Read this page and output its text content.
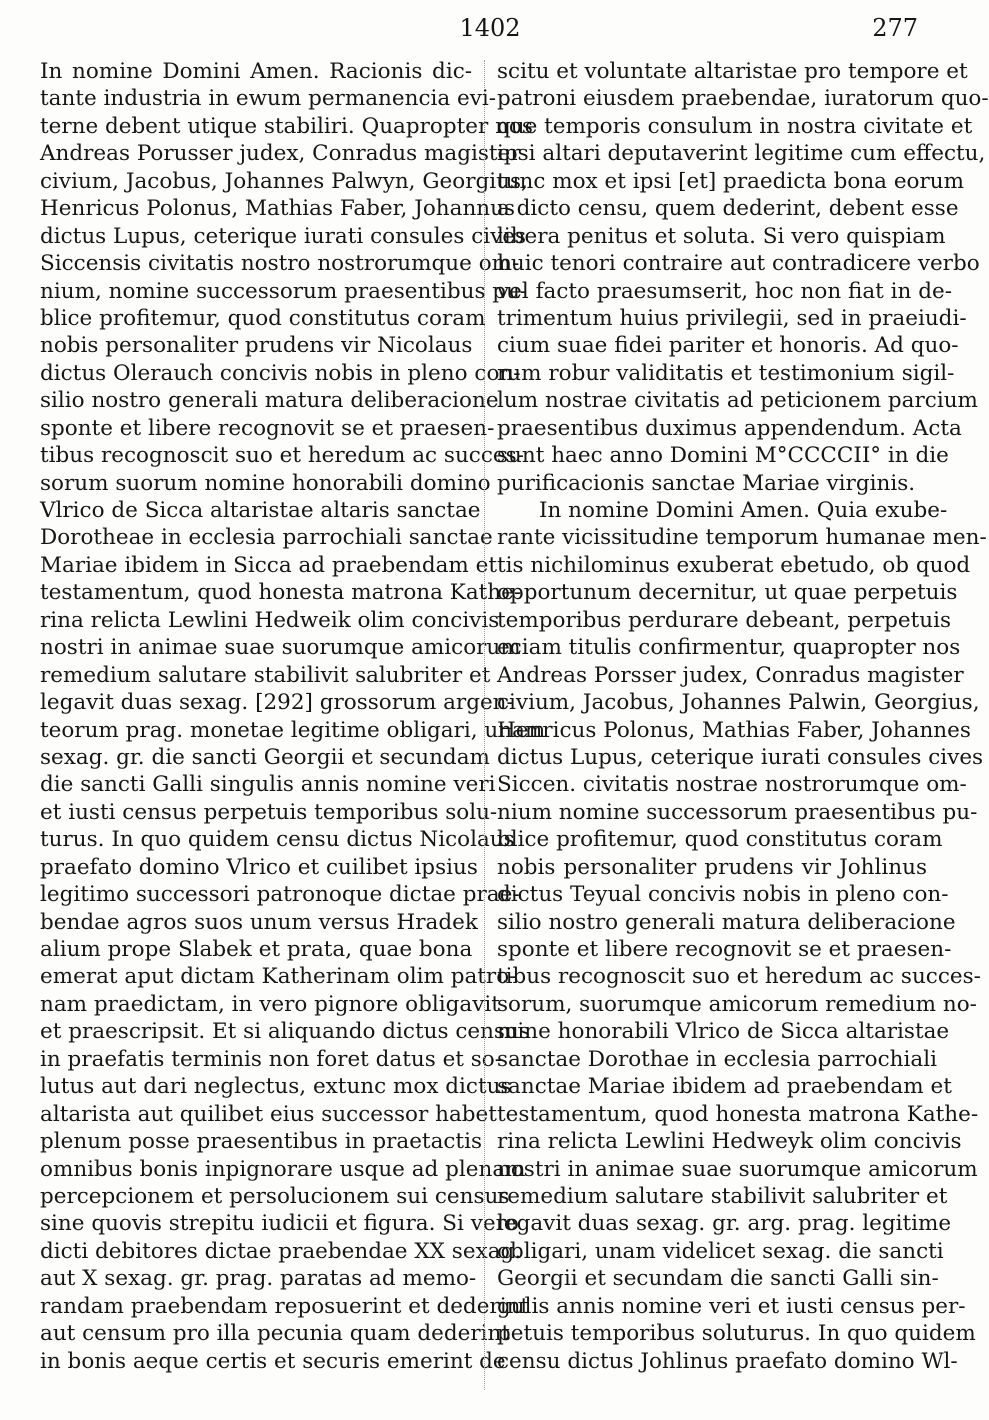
1402	277
In nomine Domini Amen. Racionis dic-
tante industria in ewum permanencia evi-
terne debent utique stabiliri. Quapropter nos
Andreas Porusser judex, Conradus magister
civium, Jacobus, Johannes Palwyn, Georgius,
Henricus Polonus, Mathias Faber, Johannus
dictus Lupus, ceterique iurati consules cives
Siccensis civitatis nostro nostrorumque om-
nium, nomine successorum praesentibus pu-
blice profitemur, quod constitutus coram
nobis personaliter prudens vir Nicolaus
dictus Olerauch concivis nobis in pleno con-
silio nostro generali matura deliberacione
sponte et libere recognovit se et praesen-
tibus recognoscit suo et heredum ac succes-
sorum suorum nomine honorabili domino
Vlrico de Sicca altaristae altaris sanctae
Dorotheae in ecclesia parrochiali sanctae
Mariae ibidem in Sicca ad praebendam et
testamentum, quod honesta matrona Kathe-
rina relicta Lewlini Hedweik olim concivis
nostri in animae suae suorumque amicorum
remedium salutare stabilivit salubriter et
legavit duas sexag. [292] grossorum argen-
teorum prag. monetae legitime obligari, unam
sexag. gr. die sancti Georgii et secundam
die sancti Galli singulis annis nomine veri
et iusti census perpetuis temporibus solu-
turus. In quo quidem censu dictus Nicolaus
praefato domino Vlrico et cuilibet ipsius
legitimo successori patronoque dictae prae-
bendae agros suos unum versus Hradek
alium prope Slabek et prata, quae bona
emerat aput dictam Katherinam olim patro-
nam praedictam, in vero pignore obligavit
et praescripsit. Et si aliquando dictus census
in praefatis terminis non foret datus et so-
lutus aut dari neglectus, extunc mox dictus
altarista aut quilibet eius successor habet
plenum posse praesentibus in praetactis
omnibus bonis inpignorare usque ad plenam
percepcionem et persolucionem sui census
sine quovis strepitu iudicii et figura. Si vero
dicti debitores dictae praebendae XX sexag.
aut X sexag. gr. prag. paratas ad memo-
randam praebendam reposuerint et dederint
aut censum pro illa pecunia quam dederint
in bonis aeque certis et securis emerint de
scitu et voluntate altaristae pro tempore et
patroni eiusdem praebendae, iuratorum quo-
que temporis consulum in nostra civitate et
ipsi altari deputaverint legitime cum effectu,
tunc mox et ipsi [et] praedicta bona eorum
a dicto censu, quem dederint, debent esse
libera penitus et soluta. Si vero quispiam
huic tenori contraire aut contradicere verbo
vel facto praesumserit, hoc non fiat in de-
trimentum huius privilegii, sed in praeiudi-
cium suae fidei pariter et honoris. Ad quo-
rum robur validitatis et testimonium sigil-
lum nostrae civitatis ad peticionem parcium
praesentibus duximus appendendum. Acta
sunt haec anno Domini M°CCCCII° in die
purificacionis sanctae Mariae virginis.
In nomine Domini Amen. Quia exube-
rante vicissitudine temporum humanae men-
tis nichilominus exuberat ebetudo, ob quod
opportunum decernitur, ut quae perpetuis
temporibus perdurare debeant, perpetuis
eciam titulis confirmentur, quapropter nos
Andreas Porsser judex, Conradus magister
civium, Jacobus, Johannes Palwin, Georgius,
Henricus Polonus, Mathias Faber, Johannes
dictus Lupus, ceterique iurati consules cives
Siccen. civitatis nostrae nostrorumque om-
nium nomine successorum praesentibus pu-
blice profitemur, quod constitutus coram
nobis personaliter prudens vir Johlinus
dictus Teyual concivis nobis in pleno con-
silio nostro generali matura deliberacione
sponte et libere recognovit se et praesen-
tibus recognoscit suo et heredum ac succes-
sorum, suorumque amicorum remedium no-
mine honorabili Vlrico de Sicca altaristae
sanctae Dorothae in ecclesia parrochiali
sanctae Mariae ibidem ad praebendam et
testamentum, quod honesta matrona Kathe-
rina relicta Lewlini Hedweyk olim concivis
nostri in animae suae suorumque amicorum
remedium salutare stabilivit salubriter et
legavit duas sexag. gr. arg. prag. legitime
obligari, unam videlicet sexag. die sancti
Georgii et secundam die sancti Galli sin-
gulis annis nomine veri et iusti census per-
petuis temporibus soluturus. In quo quidem
censu dictus Johlinus praefato domino Wl-
